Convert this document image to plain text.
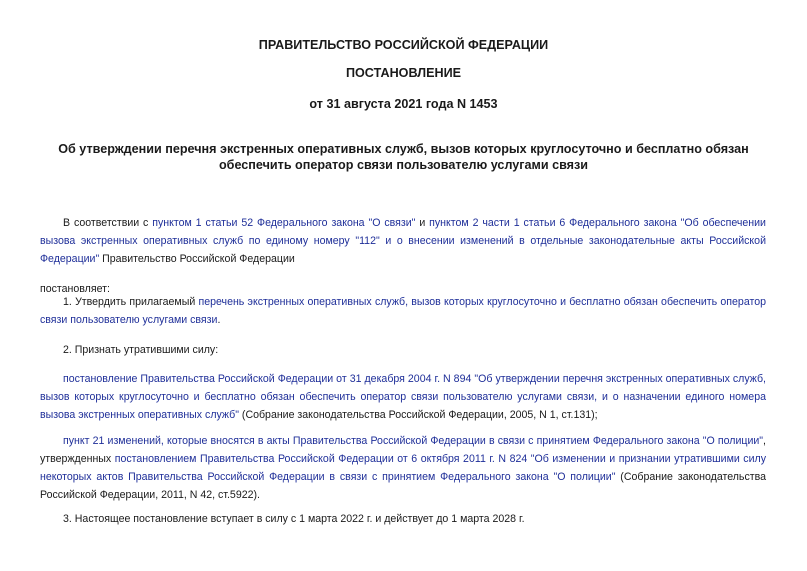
ПРАВИТЕЛЬСТВО РОССИЙСКОЙ ФЕДЕРАЦИИ

ПОСТАНОВЛЕНИЕ

от 31 августа 2021 года N 1453

Об утверждении перечня экстренных оперативных служб, вызов которых круглосуточно и бесплатно обязан обеспечить оператор связи пользователю услугами связи

В соответствии с пунктом 1 статьи 52 Федерального закона "О связи" и пунктом 2 части 1 статьи 6 Федерального закона "Об обеспечении вызова экстренных оперативных служб по единому номеру "112" и о внесении изменений в отдельные законодательные акты Российской Федерации" Правительство Российской Федерации

постановляет:

1. Утвердить прилагаемый перечень экстренных оперативных служб, вызов которых круглосуточно и бесплатно обязан обеспечить оператор связи пользователю услугами связи.

2. Признать утратившими силу:

постановление Правительства Российской Федерации от 31 декабря 2004 г. N 894 "Об утверждении перечня экстренных оперативных служб, вызов которых круглосуточно и бесплатно обязан обеспечить оператор связи пользователю услугами связи, и о назначении единого номера вызова экстренных оперативных служб" (Собрание законодательства Российской Федерации, 2005, N 1, ст.131);

пункт 21 изменений, которые вносятся в акты Правительства Российской Федерации в связи с принятием Федерального закона "О полиции", утвержденных постановлением Правительства Российской Федерации от 6 октября 2011 г. N 824 "Об изменении и признании утратившими силу некоторых актов Правительства Российской Федерации в связи с принятием Федерального закона "О полиции" (Собрание законодательства Российской Федерации, 2011, N 42, ст.5922).

3. Настоящее постановление вступает в силу с 1 марта 2022 г. и действует до 1 марта 2028 г.
